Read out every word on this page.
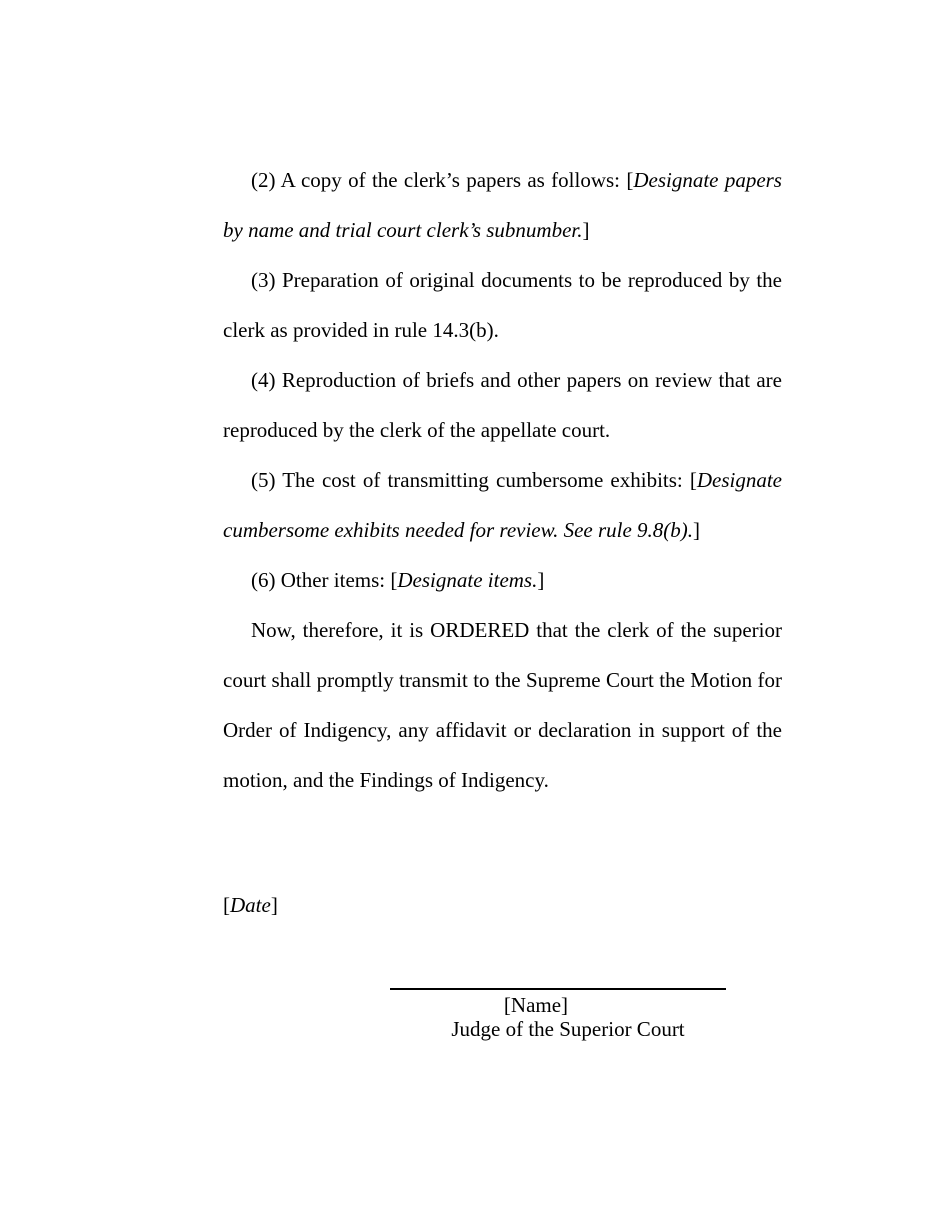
(2) A copy of the clerk’s papers as follows: [Designate papers by name and trial court clerk’s subnumber.]

(3) Preparation of original documents to be reproduced by the clerk as provided in rule 14.3(b).

(4) Reproduction of briefs and other papers on review that are reproduced by the clerk of the appellate court.

(5) The cost of transmitting cumbersome exhibits: [Designate cumbersome exhibits needed for review. See rule 9.8(b).]

(6) Other items: [Designate items.]

Now, therefore, it is ORDERED that the clerk of the superior court shall promptly transmit to the Supreme Court the Motion for Order of Indigency, any affidavit or declaration in support of the motion, and the Findings of Indigency.

[Date]
[Name]
Judge of the Superior Court
